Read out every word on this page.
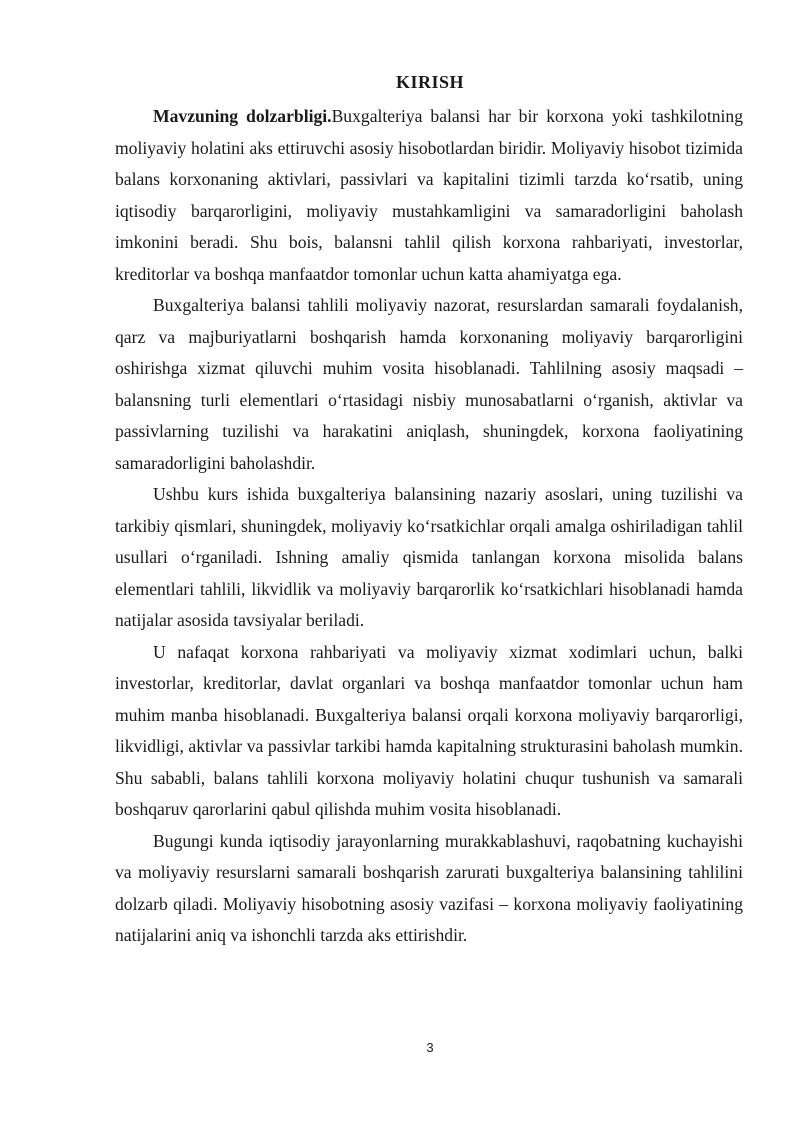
KIRISH

Mavzuning dolzarbligi.Buxgalteriya balansi har bir korxona yoki tashkilotning moliyaviy holatini aks ettiruvchi asosiy hisobotlardan biridir. Moliyaviy hisobot tizimida balans korxonaning aktivlari, passivlari va kapitalini tizimli tarzda ko‘rsatib, uning iqtisodiy barqarorligini, moliyaviy mustahkamligini va samaradorligini baholash imkonini beradi. Shu bois, balansni tahlil qilish korxona rahbariyati, investorlar, kreditorlar va boshqa manfaatdor tomonlar uchun katta ahamiyatga ega.

Buxgalteriya balansi tahlili moliyaviy nazorat, resurslardan samarali foydalanish, qarz va majburiyatlarni boshqarish hamda korxonaning moliyaviy barqarorligini oshirishga xizmat qiluvchi muhim vosita hisoblanadi. Tahlilning asosiy maqsadi – balansning turli elementlari o‘rtasidagi nisbiy munosabatlarni o‘rganish, aktivlar va passivlarning tuzilishi va harakatini aniqlash, shuningdek, korxona faoliyatining samaradorligini baholashdir.

Ushbu kurs ishida buxgalteriya balansining nazariy asoslari, uning tuzilishi va tarkibiy qismlari, shuningdek, moliyaviy ko‘rsatkichlar orqali amalga oshiriladigan tahlil usullari o‘rganiladi. Ishning amaliy qismida tanlangan korxona misolida balans elementlari tahlili, likvidlik va moliyaviy barqarorlik ko‘rsatkichlari hisoblanadi hamda natijalar asosida tavsiyalar beriladi.

U nafaqat korxona rahbariyati va moliyaviy xizmat xodimlari uchun, balki investorlar, kreditorlar, davlat organlari va boshqa manfaatdor tomonlar uchun ham muhim manba hisoblanadi. Buxgalteriya balansi orqali korxona moliyaviy barqarorligi, likvidligi, aktivlar va passivlar tarkibi hamda kapitalning strukturasini baholash mumkin. Shu sababli, balans tahlili korxona moliyaviy holatini chuqur tushunish va samarali boshqaruv qarorlarini qabul qilishda muhim vosita hisoblanadi.

Bugungi kunda iqtisodiy jarayonlarning murakkablashuvi, raqobatning kuchayishi va moliyaviy resurslarni samarali boshqarish zarurati buxgalteriya balansining tahlilini dolzarb qiladi. Moliyaviy hisobotning asosiy vazifasi – korxona moliyaviy faoliyatining natijalarini aniq va ishonchli tarzda aks ettirishdir.

3
